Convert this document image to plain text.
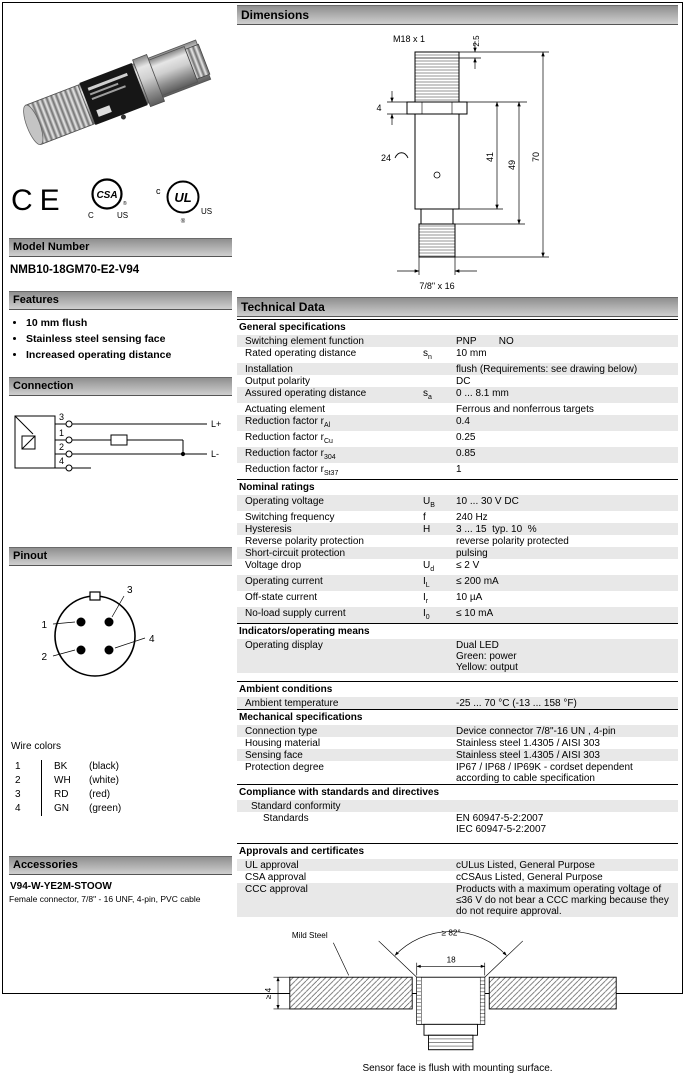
CE	CSA
®
C	US
c UL
US
®
Model Number
NMB10-18GM70-E2-V94
Features
• 10 mm flush
• Stainless steel sensing face
• Increased operating distance
Connection
3
1
2
4
L+
L-
Pinout
1
2
3
4
Wire colors
1	BK	(black)
2	WH	(white)
3	RD	(red)
4	GN	(green)
Accessories
V94-W-YE2M-STOOW
Female connector, 7/8" - 16 UNF, 4-pin, PVC cable
Dimensions
M18 x 1	2.5
4
24	41
49
70
7/8" x 16
Technical Data
General specifications
Switching element function	PNP        NO
Rated operating distance	$s_n$	10 mm
Installation	flush (Requirements: see drawing below)
Output polarity	DC
Assured operating distance	$s_a$	0 ... 8.1 mm
Actuating element	Ferrous and nonferrous targets
Reduction factor $r_{Al}$	0.4
Reduction factor $r_{Cu}$	0.25
Reduction factor $r_{304}$	0.85
Reduction factor $r_{St37}$	1
Nominal ratings
Operating voltage	$U_B$	10 ... 30 V DC
Switching frequency	f	240 Hz
Hysteresis	H	3 ... 15  typ. 10  %
Reverse polarity protection	reverse polarity protected
Short-circuit protection	pulsing
Voltage drop	$U_d$	≤ 2 V
Operating current	$I_L$	≤ 200 mA
Off-state current	$I_r$	10 µA
No-load supply current	$I_0$	≤ 10 mA
Indicators/operating means
Operating display	Dual LED
Green: power
Yellow: output
Ambient conditions
Ambient temperature	-25 ... 70 °C (-13 ... 158 °F)
Mechanical specifications
Connection type	Device connector 7/8"-16 UN , 4-pin
Housing material	Stainless steel 1.4305 / AISI 303
Sensing face	Stainless steel 1.4305 / AISI 303
Protection degree	IP67 / IP68 / IP69K - cordset dependent according to cable specification
Compliance with standards and directives
Standard conformity
Standards	EN 60947-5-2:2007
IEC 60947-5-2:2007
Approvals and certificates
UL approval	cULus Listed, General Purpose
CSA approval	cCSAus Listed, General Purpose
CCC approval	Products with a maximum operating voltage of ≤36 V do not bear a CCC marking because they do not require approval.
Mild Steel	≥ 82°
18
≥ 4
Sensor face is flush with mounting surface.
